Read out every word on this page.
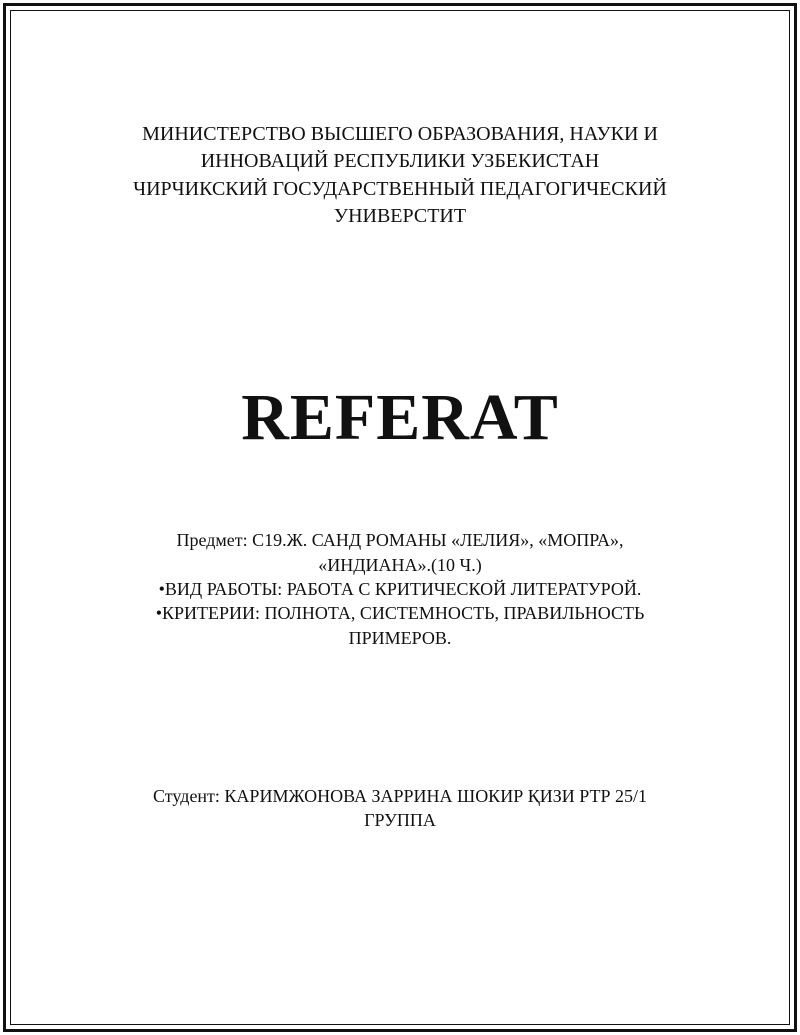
МИНИСТЕРСТВО ВЫСШЕГО ОБРАЗОВАНИЯ, НАУКИ И
ИННОВАЦИЙ РЕСПУБЛИКИ УЗБЕКИСТАН
ЧИРЧИКСКИЙ ГОСУДАРСТВЕННЫЙ ПЕДАГОГИЧЕСКИЙ
УНИВЕРСТИТ
REFERAT
Предмет: С19.Ж. САНД РОМАНЫ «ЛЕЛИЯ», «МОПРА»,
«ИНДИАНА».(10 Ч.)
•ВИД РАБОТЫ: РАБОТА С КРИТИЧЕСКОЙ ЛИТЕРАТУРОЙ.
•КРИТЕРИИ: ПОЛНОТА, СИСТЕМНОСТЬ, ПРАВИЛЬНОСТЬ
ПРИМЕРОВ.
Студент: КАРИМЖОНОВА ЗАРРИНА ШОКИР ҚИЗИ РТР 25/1
ГРУППА
